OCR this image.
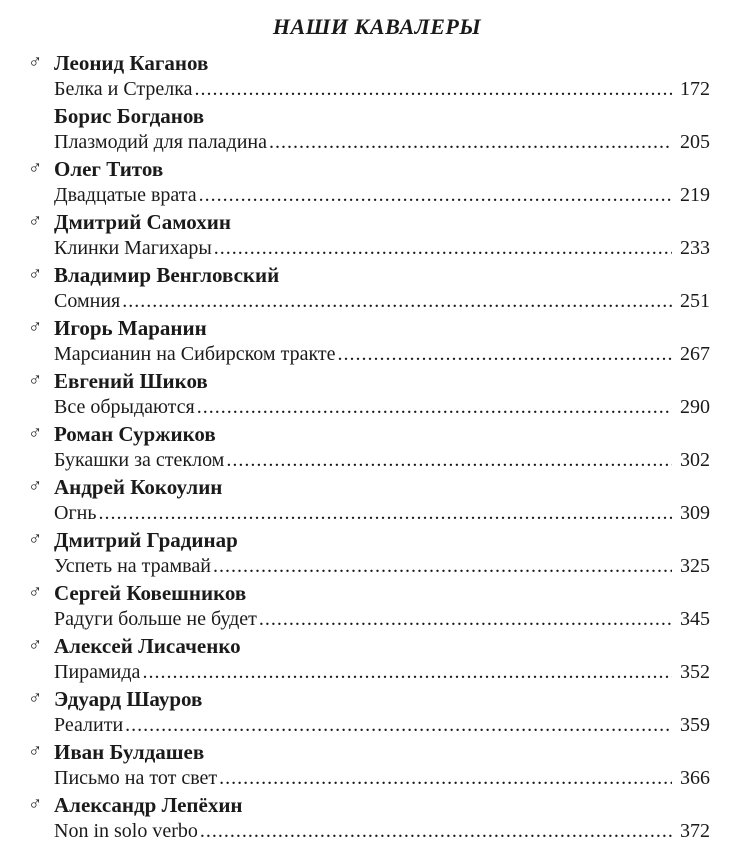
НАШИ КАВАЛЕРЫ
♂ Леонид Каганов
Белка и Стрелка .....	172
Борис Богданов
Плазмодий для паладина .....	205
♂ Олег Титов
Двадцатые врата .....	219
♂ Дмитрий Самохин
Клинки Магихары .....	233
♂ Владимир Венгловский
Сомния .....	251
♂ Игорь Маранин
Марсианин на Сибирском тракте .....	267
♂ Евгений Шиков
Все обрыдаются .....	290
♂ Роман Суржиков
Букашки за стеклом .....	302
♂ Андрей Кокоулин
Огнь .....	309
♂ Дмитрий Градинар
Успеть на трамвай .....	325
♂ Сергей Ковешников
Радуги больше не будет .....	345
♂ Алексей Лисаченко
Пирамида .....	352
♂ Эдуард Шауров
Реалити .....	359
♂ Иван Булдашев
Письмо на тот свет .....	366
♂ Александр Лепёхин
Non in solo verbo .....	372
